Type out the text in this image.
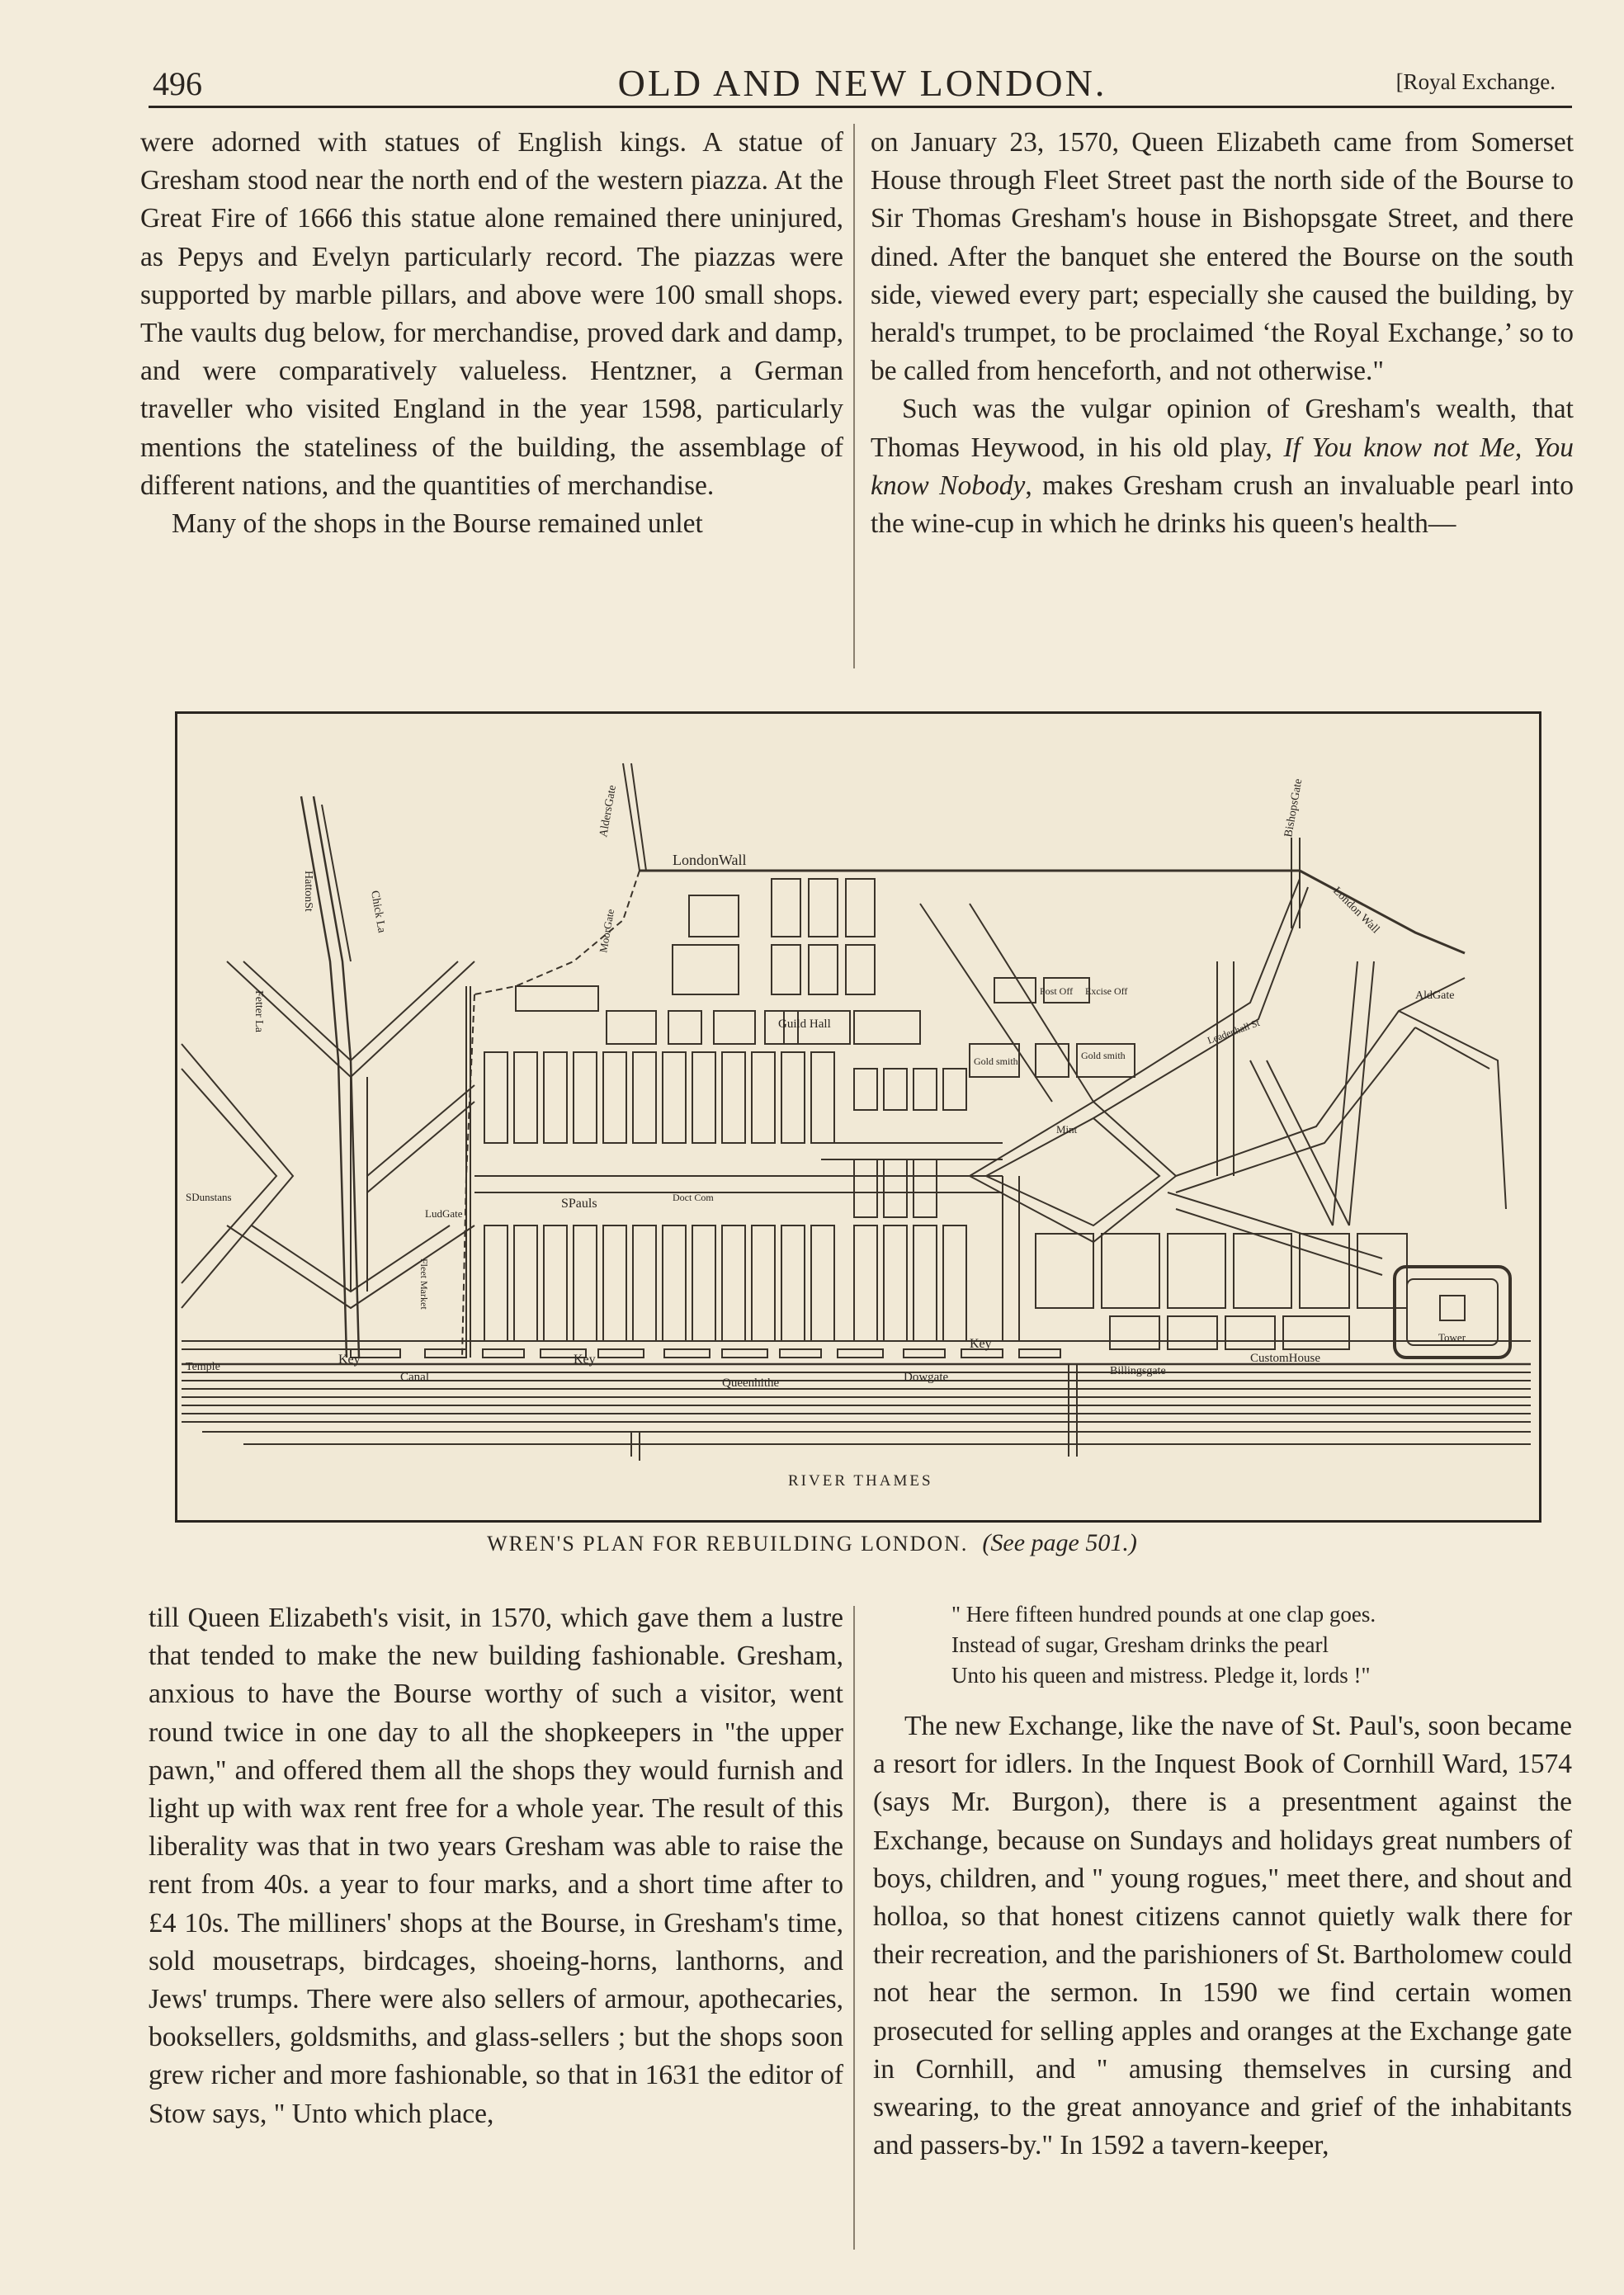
496	OLD AND NEW LONDON.	[Royal Exchange.

were adorned with statues of English kings. A statue of Gresham stood near the north end of the western piazza. At the Great Fire of 1666 this statue alone remained there uninjured, as Pepys and Evelyn particularly record. The piazzas were supported by marble pillars, and above were 100 small shops. The vaults dug below, for merchandise, proved dark and damp, and were comparatively valueless. Hentzner, a German traveller who visited England in the year 1598, particularly mentions the stateliness of the building, the assemblage of different nations, and the quantities of merchandise.

Many of the shops in the Bourse remained unlet

on January 23, 1570, Queen Elizabeth came from Somerset House through Fleet Street past the north side of the Bourse to Sir Thomas Gresham's house in Bishopsgate Street, and there dined. After the banquet she entered the Bourse on the south side, viewed every part; especially she caused the building, by herald's trumpet, to be proclaimed ‘the Royal Exchange,’ so to be called from henceforth, and not otherwise."

Such was the vulgar opinion of Gresham's wealth, that Thomas Heywood, in his old play, If You know not Me, You know Nobody, makes Gresham crush an invaluable pearl into the wine-cup in which he drinks his queen's health—

LondonWall
AldersGate	BishopsGate
MoorGate
AldGate
HattonSt	Chick La
Fetter La
SDunstans
Temple
LudGate
Fleet Market
SPauls	Doct Com
Guild Hall
Post Off Excise Off
Gold smith	Gold smith
Mint
Leadenhall St
London Wall
Key	Key
Key
Canal	Queenhithe	Dowgate	Billingsgate
CustomHouse
Tower
RIVER THAMES
WREN'S PLAN FOR REBUILDING LONDON. (See page 501.)

till Queen Elizabeth's visit, in 1570, which gave them a lustre that tended to make the new building fashionable. Gresham, anxious to have the Bourse worthy of such a visitor, went round twice in one day to all the shopkeepers in "the upper pawn," and offered them all the shops they would furnish and light up with wax rent free for a whole year. The result of this liberality was that in two years Gresham was able to raise the rent from 40s. a year to four marks, and a short time after to £4 10s. The milliners' shops at the Bourse, in Gresham's time, sold mousetraps, birdcages, shoeing-horns, lanthorns, and Jews' trumps. There were also sellers of armour, apothecaries, booksellers, goldsmiths, and glass-sellers ; but the shops soon grew richer and more fashionable, so that in 1631 the editor of Stow says, " Unto which place,

" Here fifteen hundred pounds at one clap goes.
Instead of sugar, Gresham drinks the pearl
Unto his queen and mistress. Pledge it, lords !"

The new Exchange, like the nave of St. Paul's, soon became a resort for idlers. In the Inquest Book of Cornhill Ward, 1574 (says Mr. Burgon), there is a presentment against the Exchange, because on Sundays and holidays great numbers of boys, children, and " young rogues," meet there, and shout and holloa, so that honest citizens cannot quietly walk there for their recreation, and the parishioners of St. Bartholomew could not hear the sermon. In 1590 we find certain women prosecuted for selling apples and oranges at the Exchange gate in Cornhill, and " amusing themselves in cursing and swearing, to the great annoyance and grief of the inhabitants and passers-by." In 1592 a tavern-keeper,
